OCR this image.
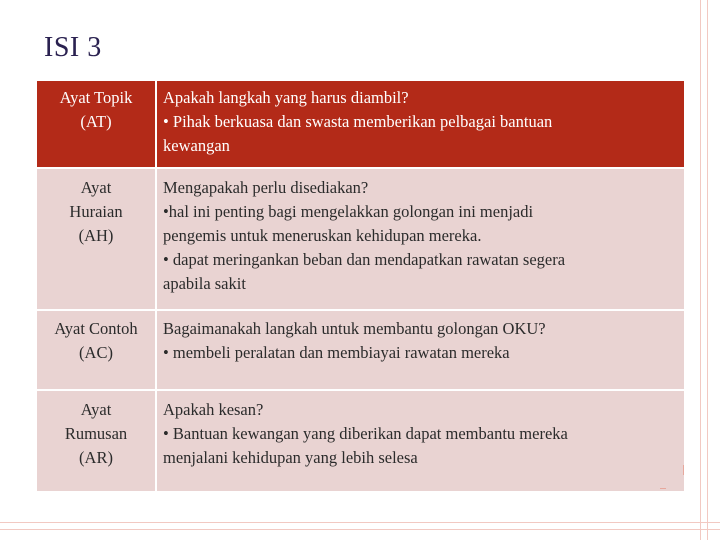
ISI 3
Ayat Topik
(AT)	Apakah langkah yang harus diambil?
• Pihak berkuasa dan swasta memberikan pelbagai bantuan
kewangan

Ayat
Huraian
(AH)	Mengapakah perlu disediakan?
•hal ini penting bagi mengelakkan golongan ini menjadi
pengemis untuk meneruskan kehidupan mereka.
• dapat meringankan beban dan mendapatkan rawatan segera
apabila sakit

Ayat Contoh
(AC)	Bagaimanakah langkah untuk membantu golongan OKU?
• membeli peralatan dan membiayai rawatan mereka

Ayat
Rumusan
(AR)	Apakah kesan?
• Bantuan kewangan yang diberikan dapat membantu mereka
menjalani kehidupan yang lebih selesa
